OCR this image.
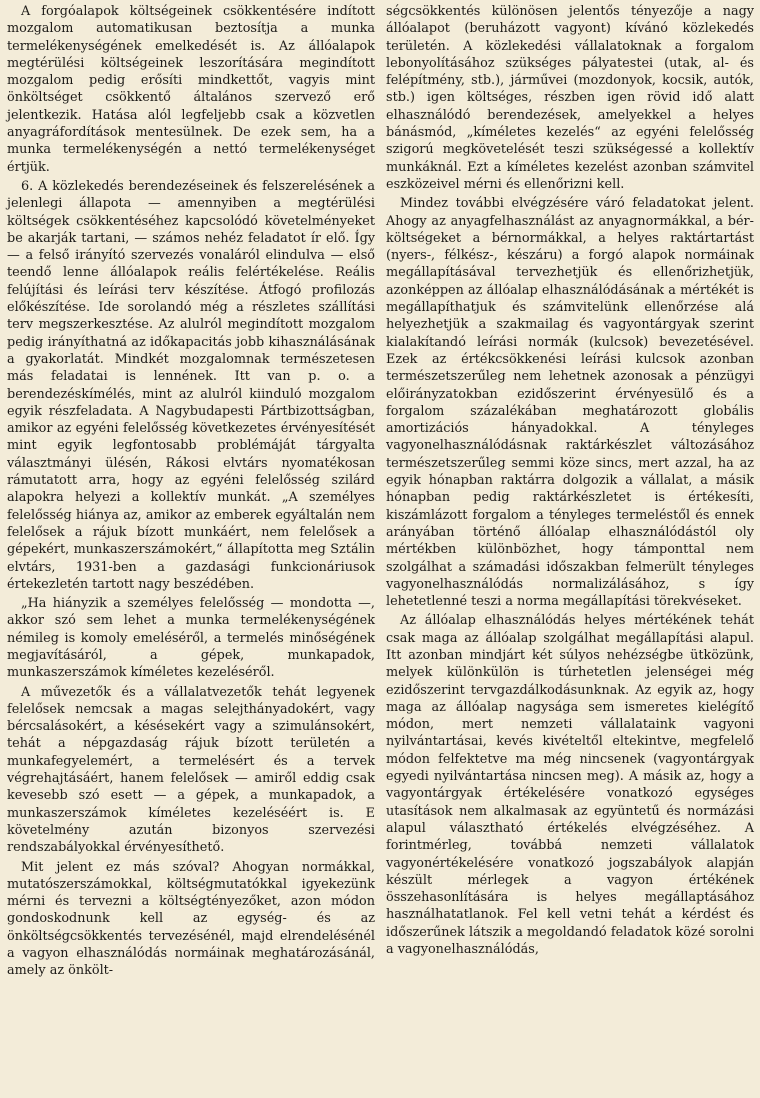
A forgóalapok költségeinek csökkentésére indított mozgalom automatikusan beztosítja a munka termelékenységének emelkedését is. Az állóalapok megtérülési költségeinek leszorítására megindított mozgalom pedig erősíti mindkettőt, vagyis mint önköltséget csökkentő általános szervező erő jelentkezik. Hatása alól legfeljebb csak a közvetlen anyagráfordítások mentesülnek. De ezek sem, ha a munka termelékenységén a nettó termelékenységet értjük.

6. A közlekedés berendezéseinek és felszerelésének a jelenlegi állapota — amennyiben a megtérülési költségek csökkentéséhez kapcsolódó követelményeket be akarják tartani, — számos nehéz feladatot ír elő. Így — a felső irányító szervezés vonaláról elindulva — első teendő lenne állóalapok reális felértékelése. Reális felújítási és leírási terv készítése. Átfogó profilozás előkészítése. Ide sorolandó még a részletes szállítási terv megszerkesztése. Az alulról megindított mozgalom pedig irányíthatná az időkapacitás jobb kihasználásának a gyakorlatát. Mindkét mozgalomnak természetesen más feladatai is lennének. Itt van p. o. a berendezéskímélés, mint az alulról kiinduló mozgalom egyik részfeladata. A Nagybudapesti Pártbizottságban, amikor az egyéni felelősség következetes érvényesítését mint egyik legfontosabb problémáját tárgyalta választmányi ülésén, Rákosi elvtárs nyomatékosan rámutatott arra, hogy az egyéni felelősség szilárd alapokra helyezi a kollektív munkát. „A személyes felelősség hiánya az, amikor az emberek egyáltalán nem felelősek a rájuk bízott munkáért, nem felelősek a gépekért, munkaszerszámokért,“ állapította meg Sztálin elvtárs, 1931-ben a gazdasági funkcionáriusok értekezletén tartott nagy beszédében.

„Ha hiányzik a személyes felelősség — mondotta —, akkor szó sem lehet a munka termelékenységének némileg is komoly emeléséről, a termelés minőségének megjavításáról, a gépek, munkapadok, munkaszerszámok kíméletes kezeléséről.

A művezetők és a vállalatvezetők tehát legyenek felelősek nemcsak a magas selejthányadokért, vagy bércsalásokért, a késésekért vagy a szimulánsokért, tehát a népgazdaság rájuk bízott területén a munkafegyelemért, a termelésért és a tervek végrehajtásáért, hanem felelősek — amiről eddig csak kevesebb szó esett — a gépek, a munkapadok, a munkaszerszámok kíméletes kezeléséért is. E követelmény azután bizonyos szervezési rendszabályokkal érvényesíthető.

Mit jelent ez más szóval? Ahogyan normákkal, mutatószerszámokkal, költségmutatókkal igyekezünk mérni és tervezni a költségtényezőket, azon módon gondoskodnunk kell az egység- és az önköltségcsökkentés tervezésénél, majd elrendelésénél a vagyon elhasználódás normáinak meghatározásánál, amely az önkölt-

ségcsökkentés különösen jelentős tényezője a nagy állóalapot (beruházott vagyont) kívánó közlekedés területén. A közlekedési vállalatoknak a forgalom lebonyolításához szükséges pályatestei (utak, al- és felépítmény, stb.), járművei (mozdonyok, kocsik, autók, stb.) igen költséges, részben igen rövid idő alatt elhasználódó berendezések, amelyekkel a helyes bánásmód, „kíméletes kezelés“ az egyéni felelősség szigorú megkövetelését teszi szükségessé a kollektív munkáknál. Ezt a kíméletes kezelést azonban számvitel eszközeivel mérni és ellenőrizni kell.

Mindez további elvégzésére váró feladatokat jelent. Ahogy az anyagfelhasználást az anyagnormákkal, a bér-költségeket a bérnormákkal, a helyes raktártartást (nyers-, félkész-, készáru) a forgó alapok normáinak megállapításával tervezhetjük és ellenőrizhetjük, azonképpen az állóalap elhasználódásának a mértékét is megállapíthatjuk és számvitelünk ellenőrzése alá helyezhetjük a szakmailag és vagyontárgyak szerint kialakítandó leírási normák (kulcsok) bevezetésével. Ezek az értékcsökkenési leírási kulcsok azonban természetszerűleg nem lehetnek azonosak a pénzügyi előirányzatokban ezidőszerint érvényesülő és a forgalom százalékában meghatározott globális amortizációs hányadokkal. A tényleges vagyonelhasználódásnak raktárkészlet változásához természetszerűleg semmi köze sincs, mert azzal, ha az egyik hónapban raktárra dolgozik a vállalat, a másik hónapban pedig raktárkészletet is értékesíti, kiszámlázott forgalom a tényleges termeléstől és ennek arányában történő állóalap elhasználódástól oly mértékben különbözhet, hogy támponttal nem szolgálhat a számadási időszakban felmerült tényleges vagyonelhasználódás normalizálásához, s így lehetetlenné teszi a norma megállapítási törekvéseket.

Az állóalap elhasználódás helyes mértékének tehát csak maga az állóalap szolgálhat megállapítási alapul. Itt azonban mindjárt két súlyos nehézségbe ütközünk, melyek különkülön is túrhetetlen jelenségei még ezidőszerint tervgazdálkodásunknak. Az egyik az, hogy maga az állóalap nagysága sem ismeretes kielégítő módon, mert nemzeti vállalataink vagyoni nyilvántartásai, kevés kivételtől eltekintve, megfelelő módon felfektetve ma még nincsenek (vagyontárgyak egyedi nyilvántartása nincsen meg). A másik az, hogy a vagyontárgyak értékelésére vonatkozó egységes utasítások nem alkalmasak az együntetű és normázási alapul választható értékelés elvégzéséhez. A forintmérleg, továbbá nemzeti vállalatok vagyonértékelésére vonatkozó jogszabályok alapján készült mérlegek a vagyon értékének összehasonlítására is helyes megállaptásához használhatatlanok. Fel kell vetni tehát a kérdést és időszerűnek látszik a megoldandó feladatok közé sorolni a vagyonelhasználódás,
